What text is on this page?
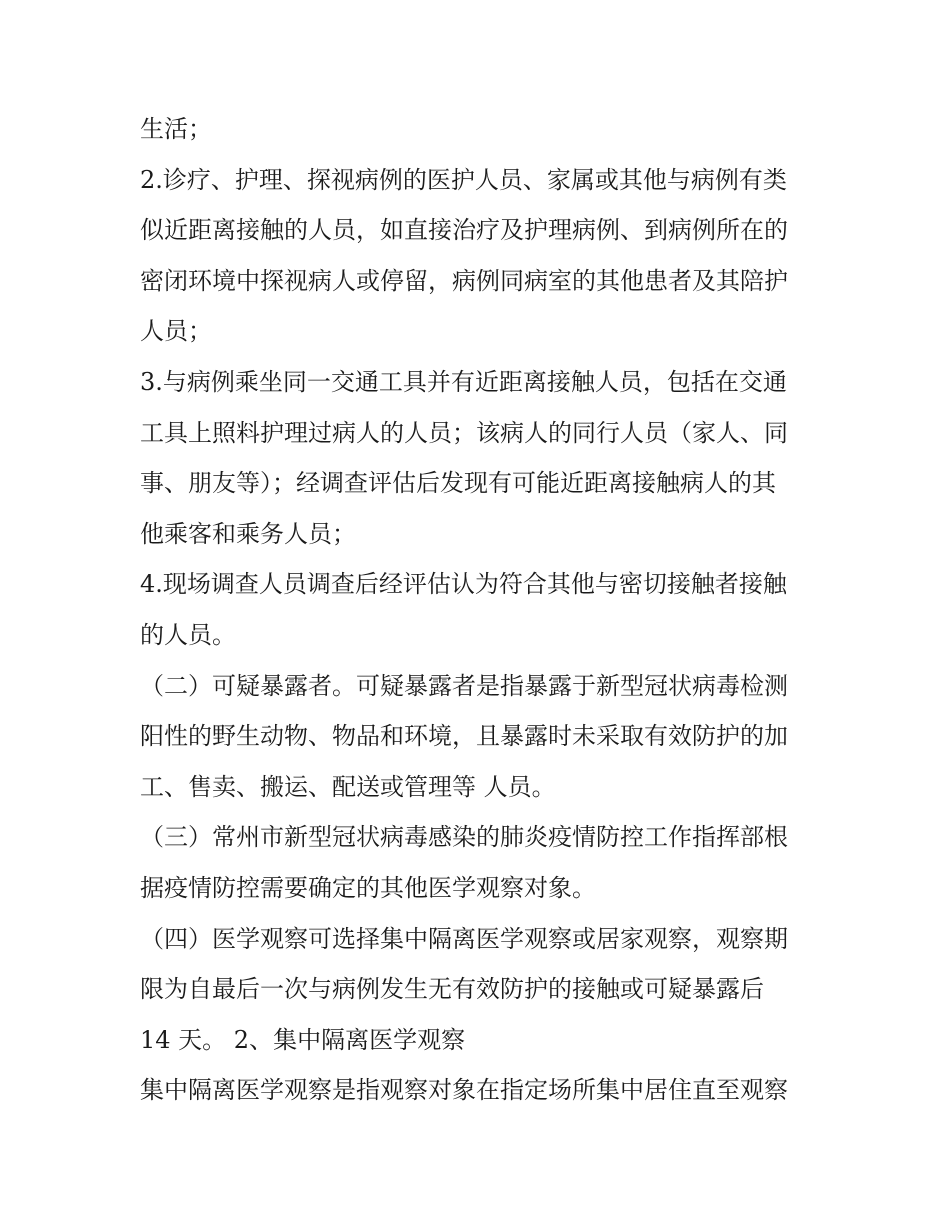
生活；
2.诊疗、护理、探视病例的医护人员、家属或其他与病例有类
似近距离接触的人员，如直接治疗及护理病例、到病例所在的
密闭环境中探视病人或停留，病例同病室的其他患者及其陪护
人员；
3.与病例乘坐同一交通工具并有近距离接触人员，包括在交通
工具上照料护理过病人的人员；该病人的同行人员（家人、同
事、朋友等）；经调查评估后发现有可能近距离接触病人的其
他乘客和乘务人员；
4.现场调查人员调查后经评估认为符合其他与密切接触者接触
的人员。
（二）可疑暴露者。可疑暴露者是指暴露于新型冠状病毒检测
阳性的野生动物、物品和环境，且暴露时未采取有效防护的加
工、售卖、搬运、配送或管理等 人员。
（三）常州市新型冠状病毒感染的肺炎疫情防控工作指挥部根
据疫情防控需要确定的其他医学观察对象。
（四）医学观察可选择集中隔离医学观察或居家观察，观察期
限为自最后一次与病例发生无有效防护的接触或可疑暴露后
14 天。 2、集中隔离医学观察
集中隔离医学观察是指观察对象在指定场所集中居住直至观察
